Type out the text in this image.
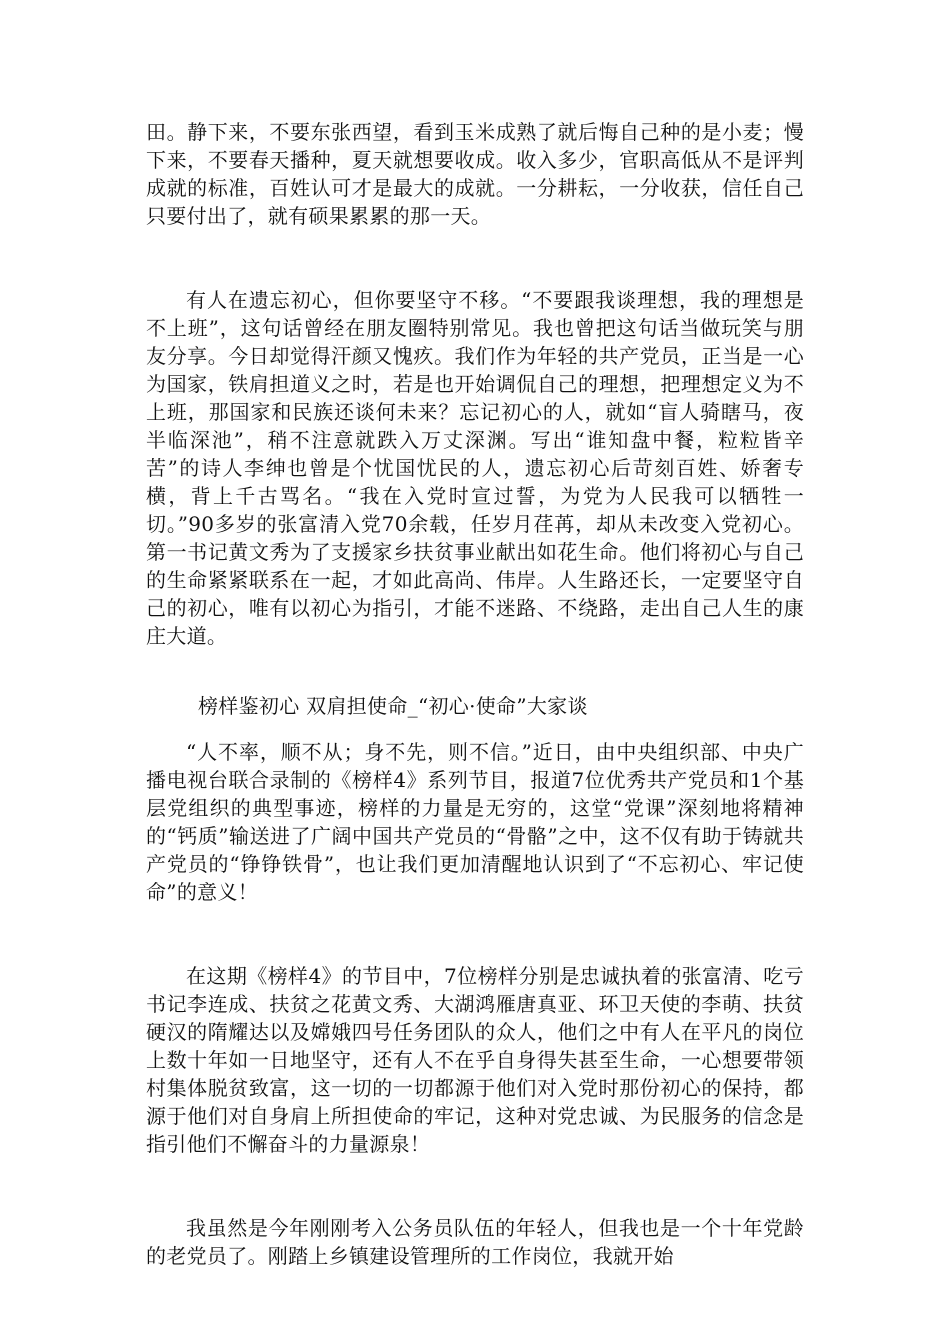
田。静下来，不要东张西望，看到玉米成熟了就后悔自己种的是小麦；慢下来，不要春天播种，夏天就想要收成。收入多少，官职高低从不是评判成就的标准，百姓认可才是最大的成就。一分耕耘，一分收获，信任自己只要付出了，就有硕果累累的那一天。

有人在遗忘初心，但你要坚守不移。“不要跟我谈理想，我的理想是不上班”，这句话曾经在朋友圈特别常见。我也曾把这句话当做玩笑与朋友分享。今日却觉得汗颜又愧疚。我们作为年轻的共产党员，正当是一心为国家，铁肩担道义之时，若是也开始调侃自己的理想，把理想定义为不上班，那国家和民族还谈何未来？忘记初心的人，就如“盲人骑瞎马，夜半临深池”，稍不注意就跌入万丈深渊。写出“谁知盘中餐，粒粒皆辛苦”的诗人李绅也曾是个忧国忧民的人，遗忘初心后苛刻百姓、娇奢专横，背上千古骂名。“我在入党时宣过誓，为党为人民我可以牺牲一切。”90多岁的张富清入党70余载，任岁月荏苒，却从未改变入党初心。第一书记黄文秀为了支援家乡扶贫事业献出如花生命。他们将初心与自己的生命紧紧联系在一起，才如此高尚、伟岸。人生路还长，一定要坚守自己的初心，唯有以初心为指引，才能不迷路、不绕路，走出自己人生的康庄大道。

榜样鉴初心 双肩担使命_“初心·使命”大家谈

“人不率，顺不从；身不先，则不信。”近日，由中央组织部、中央广播电视台联合录制的《榜样4》系列节目，报道7位优秀共产党员和1个基层党组织的典型事迹，榜样的力量是无穷的，这堂“党课”深刻地将精神的“钙质”输送进了广阔中国共产党员的“骨骼”之中，这不仅有助于铸就共产党员的“铮铮铁骨”，也让我们更加清醒地认识到了“不忘初心、牢记使命”的意义！

在这期《榜样4》的节目中，7位榜样分别是忠诚执着的张富清、吃亏书记李连成、扶贫之花黄文秀、大湖鸿雁唐真亚、环卫天使的李萌、扶贫硬汉的隋耀达以及嫦娥四号任务团队的众人，他们之中有人在平凡的岗位上数十年如一日地坚守，还有人不在乎自身得失甚至生命，一心想要带领村集体脱贫致富，这一切的一切都源于他们对入党时那份初心的保持，都源于他们对自身肩上所担使命的牢记，这种对党忠诚、为民服务的信念是指引他们不懈奋斗的力量源泉！

我虽然是今年刚刚考入公务员队伍的年轻人，但我也是一个十年党龄的老党员了。刚踏上乡镇建设管理所的工作岗位，我就开始
